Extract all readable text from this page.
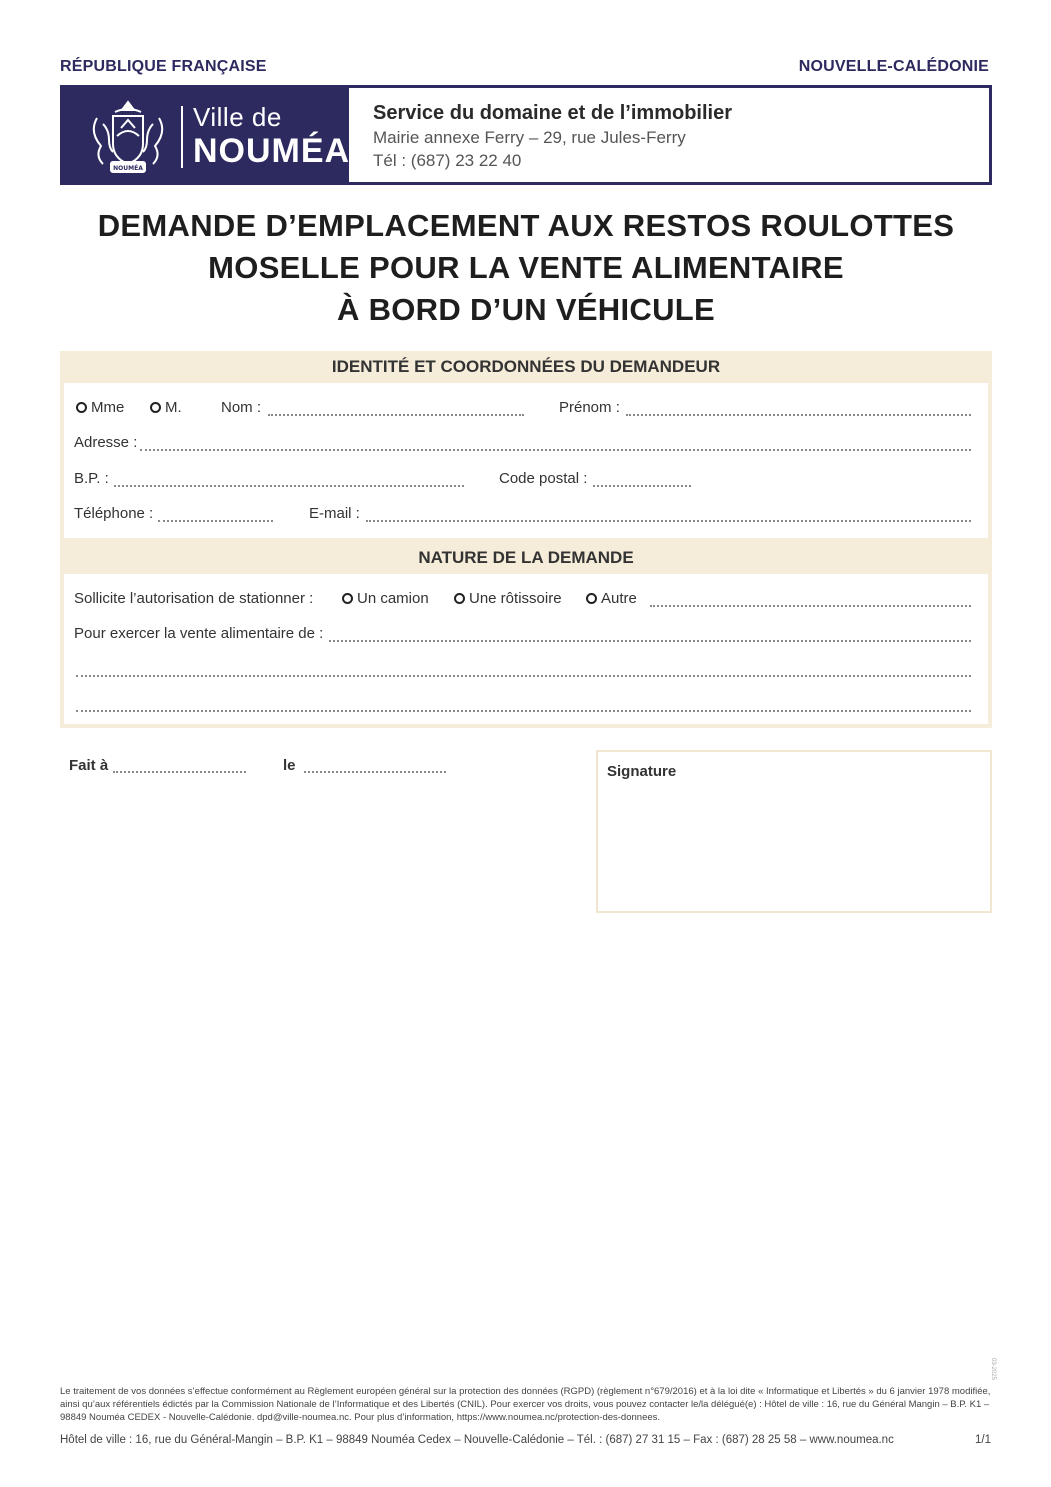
RÉPUBLIQUE FRANÇAISE	NOUVELLE-CALÉDONIE
NOUMÉA
Ville de
NOUMÉA
Service du domaine et de l’immobilier
Mairie annexe Ferry – 29, rue Jules-Ferry
Tél : (687) 23 22 40
DEMANDE D’EMPLACEMENT AUX RESTOS ROULOTTES
MOSELLE POUR LA VENTE ALIMENTAIRE
À BORD D’UN VÉHICULE
IDENTITÉ ET COORDONNÉES DU DEMANDEUR
Mme	M.	Nom :	Prénom :
Adresse :
B.P. :	Code postal :
Téléphone :	E-mail :
NATURE DE LA DEMANDE
Sollicite l’autorisation de stationner :	Un camion	Une rôtissoire	Autre
Pour exercer la vente alimentaire de :
Fait à	le	Signature
03-2025
Le traitement de vos données s’effectue conformément au Règlement européen général sur la protection des données (RGPD) (règlement n°679/2016) et à la loi dite « Informatique et Libertés » du 6 janvier 1978 modifiée, ainsi qu’aux référentiels édictés par la Commission Nationale de l’Informatique et des Libertés (CNIL). Pour exercer vos droits, vous pouvez contacter le/la délégué(e) : Hôtel de ville : 16, rue du Général Mangin – B.P. K1 – 98849 Nouméa CEDEX - Nouvelle-Calédonie. dpd@ville-noumea.nc. Pour plus d’information, https://www.noumea.nc/protection-des-donnees.
Hôtel de ville : 16, rue du Général-Mangin – B.P. K1 – 98849 Nouméa Cedex – Nouvelle-Calédonie – Tél. : (687) 27 31 15 – Fax : (687) 28 25 58 – www.noumea.nc	1/1
